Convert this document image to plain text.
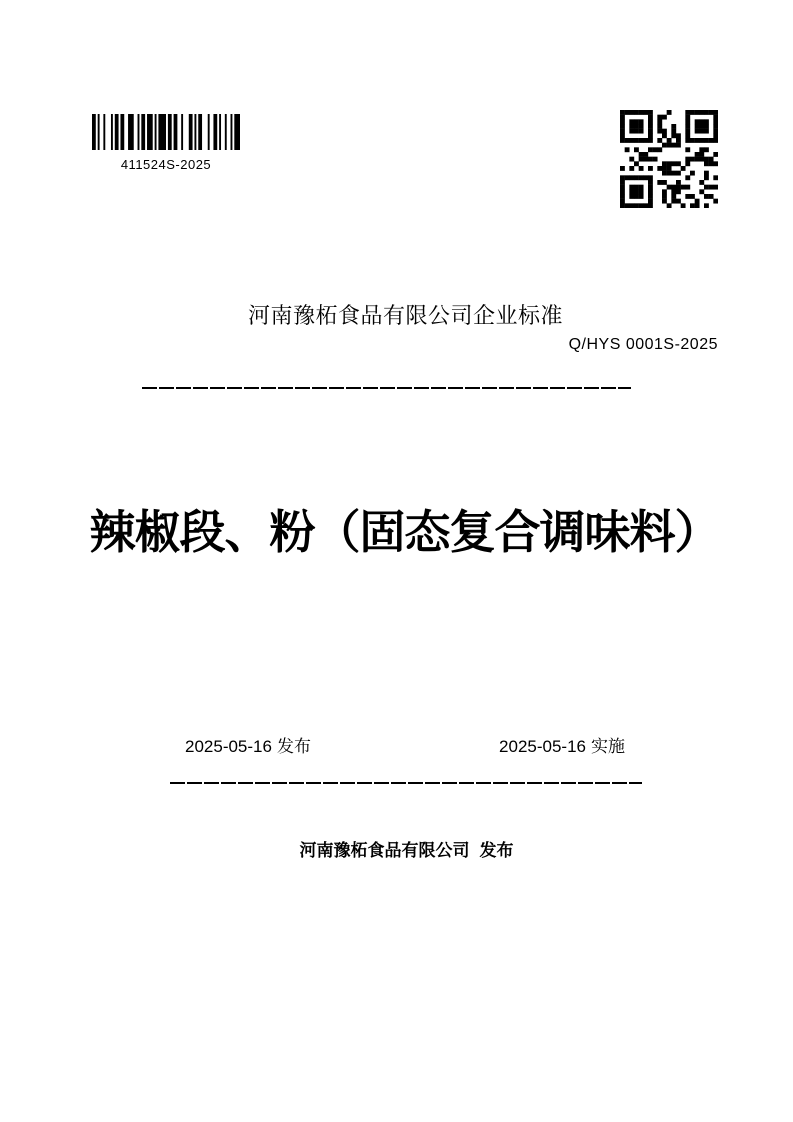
411524S-2025
河南豫柘食品有限公司企业标准
Q/HYS 0001S-2025
辣椒段、粉（固态复合调味料）
2025-05-16 发布	2025-05-16 实施
河南豫柘食品有限公司 发布
